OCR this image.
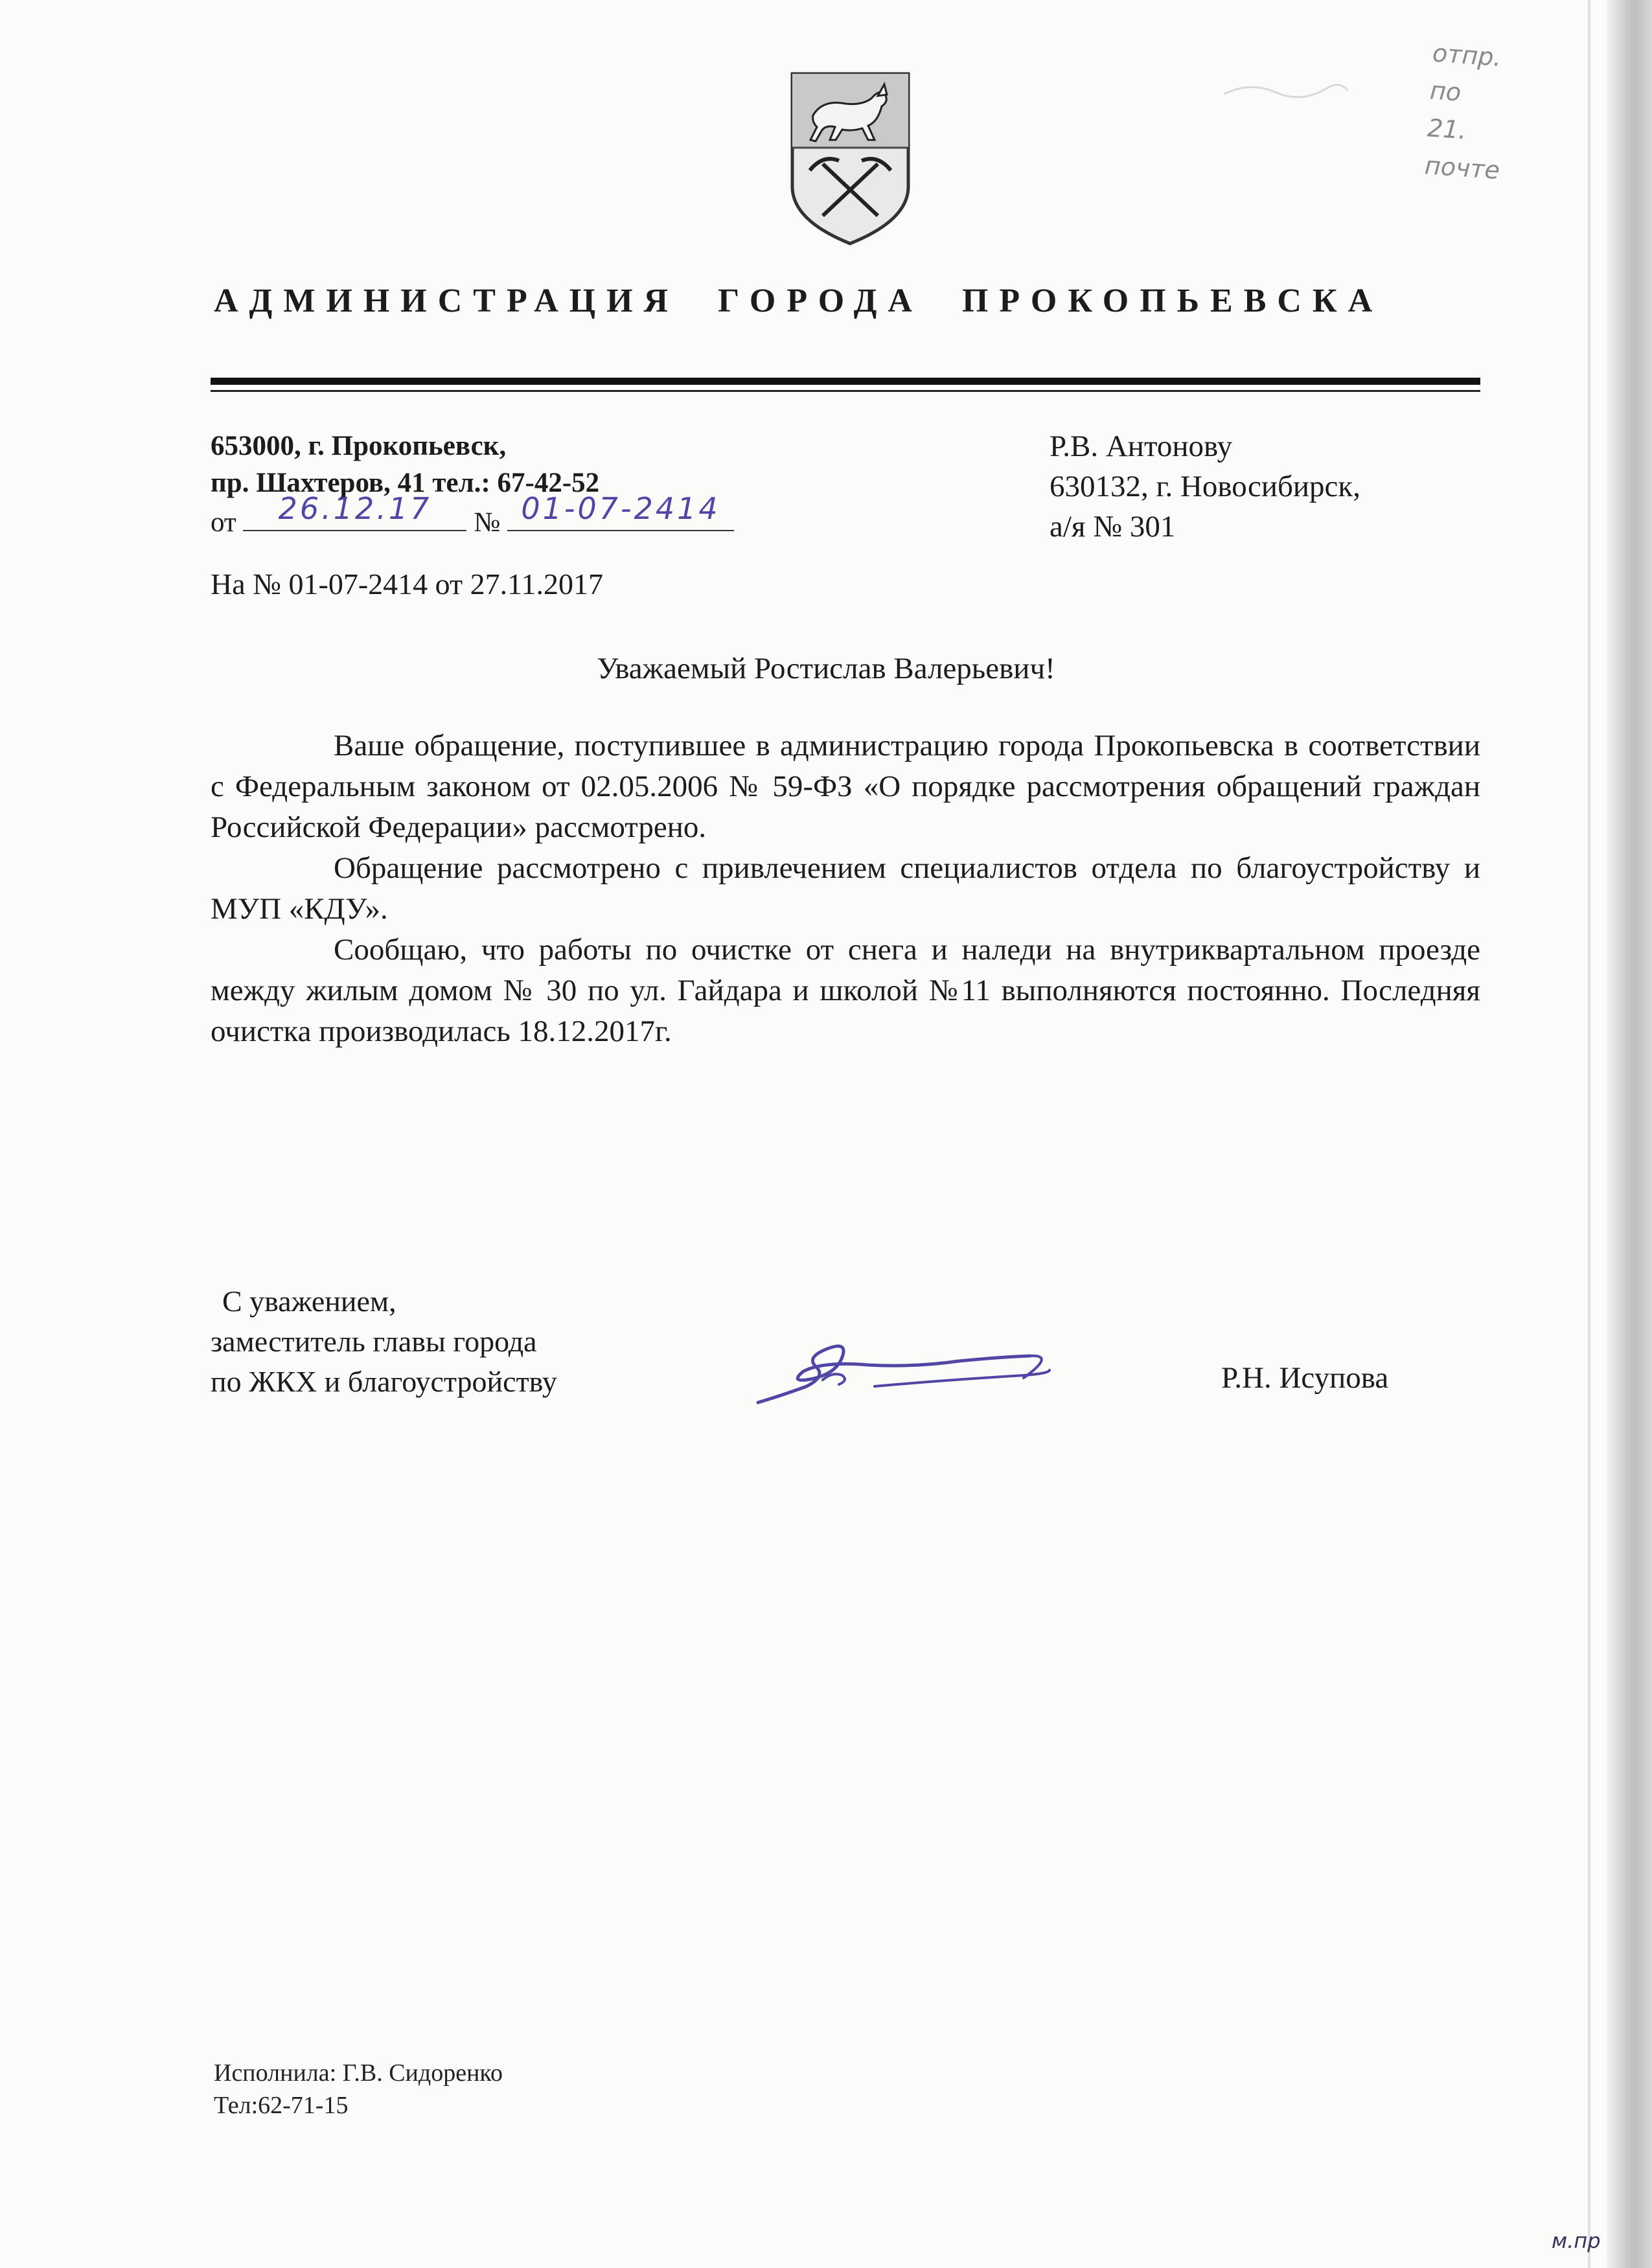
АДМИНИСТРАЦИЯ ГОРОДА ПРОКОПЬЕВСКА
653000, г. Прокопьевск,
пр. Шахтеров, 41 тел.: 67-42-52
от	26.12.17	№ 01-07-2414
На № 01-07-2414 от 27.11.2017
Р.В. Антонову
630132, г. Новосибирск,
а/я № 301
Уважаемый Ростислав Валерьевич!

Ваше обращение, поступившее в администрацию города Прокопьевска в соответствии с Федеральным законом от 02.05.2006 № 59-ФЗ «О порядке рассмотрения обращений граждан Российской Федерации» рассмотрено.

Обращение рассмотрено с привлечением специалистов отдела по благоустройству и МУП «КДУ».

Сообщаю, что работы по очистке от снега и наледи на внутриквартальном проезде между жилым домом № 30 по ул. Гайдара и школой №11 выполняются постоянно. Последняя очистка производилась 18.12.2017г.

С уважением,
заместитель главы города
по ЖКХ и благоустройству	Р.Н. Исупова
Исполнила: Г.В. Сидоренко
Тел:62-71-15
отпр.
по
21.
почте
м.пр
